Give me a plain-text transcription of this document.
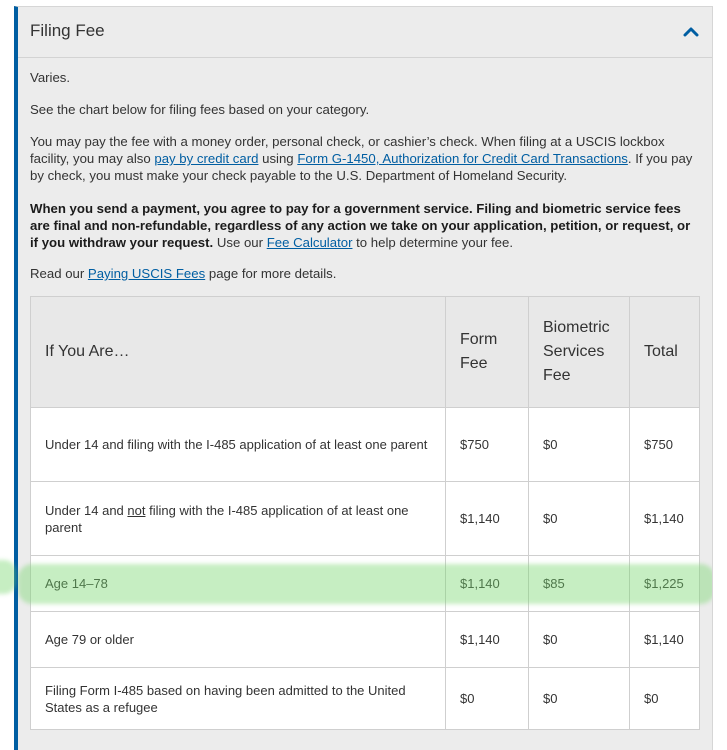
Filing Fee

Varies.

See the chart below for filing fees based on your category.

You may pay the fee with a money order, personal check, or cashier’s check. When filing at a USCIS lockbox facility, you may also pay by credit card using Form G-1450, Authorization for Credit Card Transactions. If you pay by check, you must make your check payable to the U.S. Department of Homeland Security.

When you send a payment, you agree to pay for a government service. Filing and biometric service fees are final and non-refundable, regardless of any action we take on your application, petition, or request, or if you withdraw your request. Use our Fee Calculator to help determine your fee.

Read our Paying USCIS Fees page for more details.

If You Are…	Form Fee	Biometric Services Fee	Total
Under 14 and filing with the I-485 application of at least one parent	$750	$0	$750
Under 14 and not filing with the I-485 application of at least one parent	$1,140	$0	$1,140
Age 14–78	$1,140	$85	$1,225
Age 79 or older	$1,140	$0	$1,140
Filing Form I-485 based on having been admitted to the United States as a refugee	$0	$0	$0
